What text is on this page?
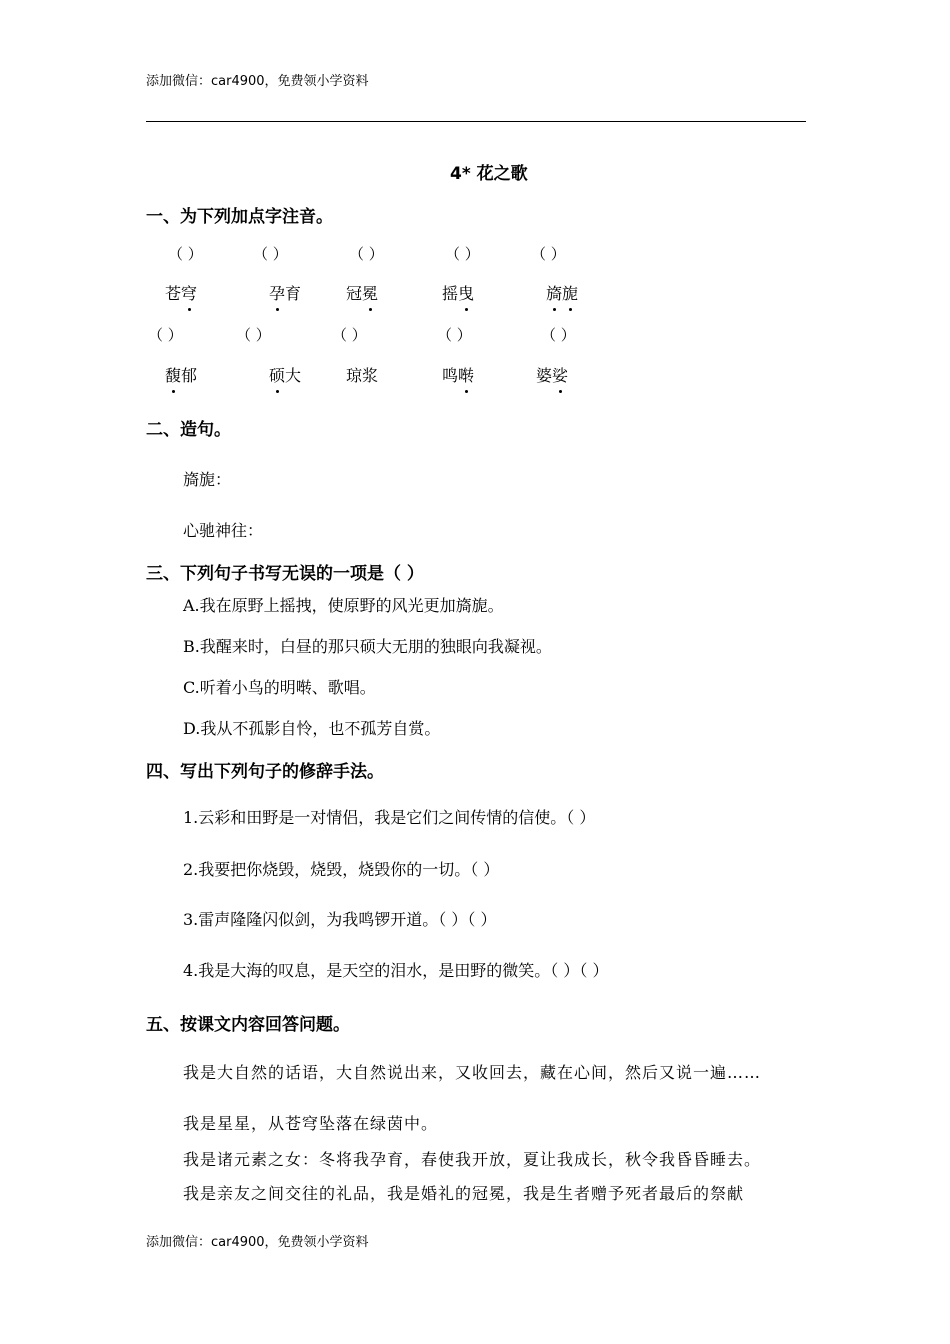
添加微信：car4900，免费领小学资料
4* 花之歌
一、为下列加点字注音。
（ ）	（ ）	（ ）	（ ）	（ ）
苍穹	孕育	冠冕	摇曳	旖旎
（ ）	（ ）	（ ）	（ ）	（ ）
馥郁	硕大	琼浆	鸣啭	婆娑
二、造句。
旖旎：
心驰神往：
三、下列句子书写无误的一项是（ ）
A.我在原野上摇拽，使原野的风光更加旖旎。
B.我醒来时，白昼的那只硕大无朋的独眼向我凝视。
C.听着小鸟的明啭、歌唱。
D.我从不孤影自怜，也不孤芳自赏。
四、写出下列句子的修辞手法。
1.云彩和田野是一对情侣，我是它们之间传情的信使。（ ）
2.我要把你烧毁，烧毁，烧毁你的一切。（ ）
3.雷声隆隆闪似剑，为我鸣锣开道。（ ）（ ）
4.我是大海的叹息，是天空的泪水，是田野的微笑。（ ）（ ）
五、按课文内容回答问题。
我是大自然的话语，大自然说出来，又收回去，藏在心间，然后又说一遍……
我是星星，从苍穹坠落在绿茵中。
我是诸元素之女：冬将我孕育，春使我开放，夏让我成长，秋令我昏昏睡去。
我是亲友之间交往的礼品，我是婚礼的冠冕，我是生者赠予死者最后的祭献
添加微信：car4900，免费领小学资料
